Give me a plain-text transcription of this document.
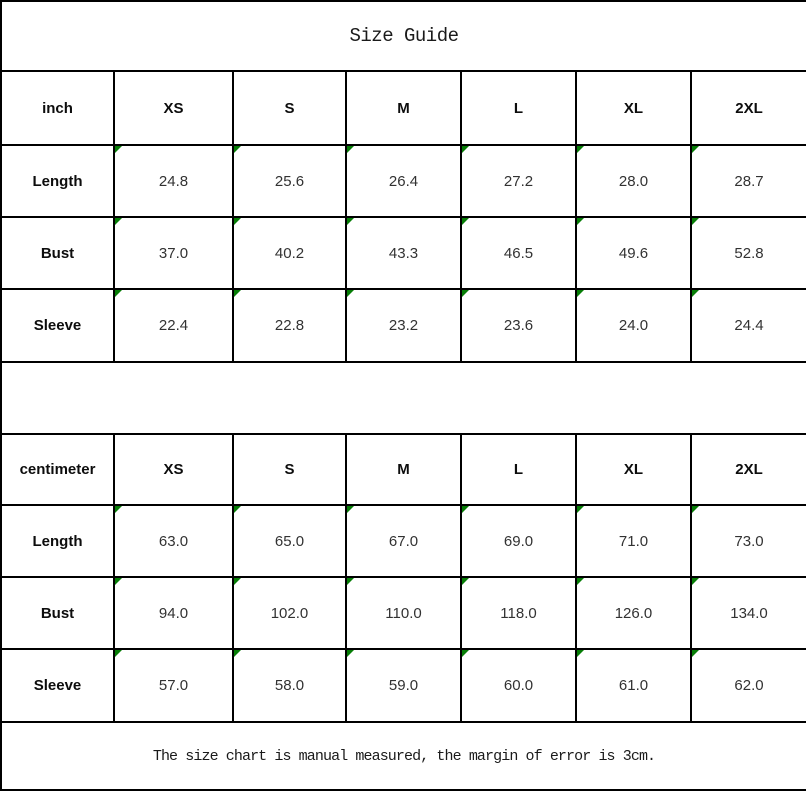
Size Guide						
inch	XS	S	M	L	XL	2XL
Length	24.8	25.6	26.4	27.2	28.0	28.7
Bust	37.0	40.2	43.3	46.5	49.6	52.8
Sleeve	22.4	22.8	23.2	23.6	24.0	24.4

centimeter	XS	S	M	L	XL	2XL
Length	63.0	65.0	67.0	69.0	71.0	73.0
Bust	94.0	102.0	110.0	118.0	126.0	134.0
Sleeve	57.0	58.0	59.0	60.0	61.0	62.0
The size chart is manual measured, the margin of error is 3cm.						
